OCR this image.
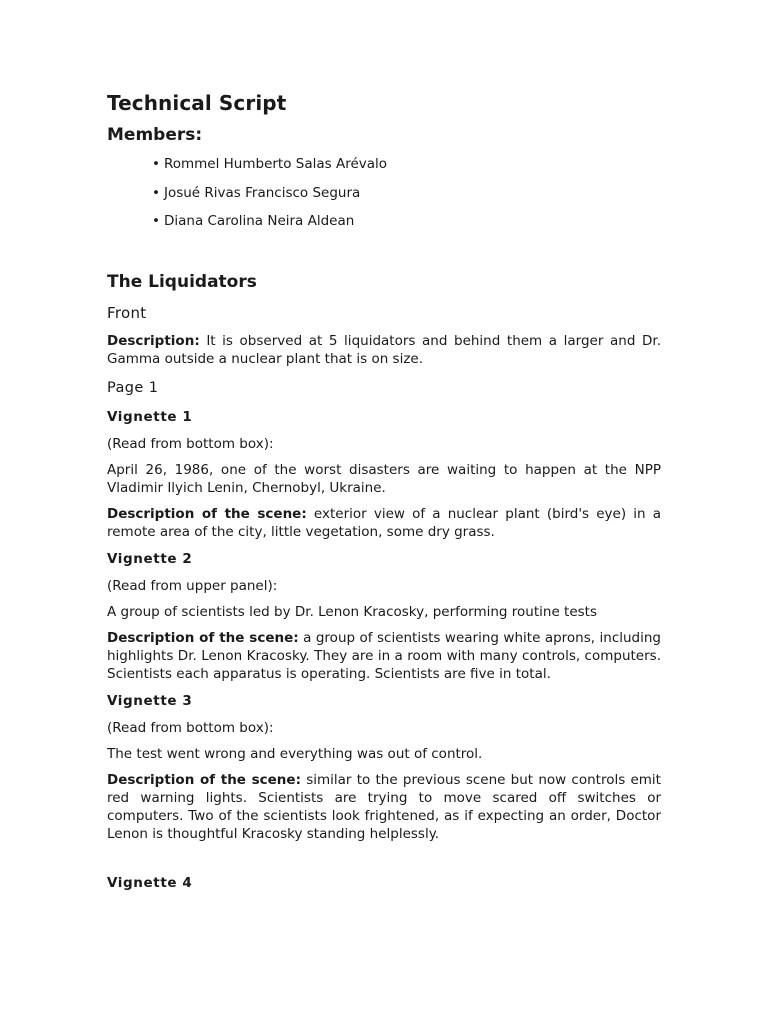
Technical Script
Members:
• Rommel Humberto Salas Arévalo
• Josué Rivas Francisco Segura
• Diana Carolina Neira Aldean
The Liquidators
Front

Description: It is observed at 5 liquidators and behind them a larger and Dr. Gamma outside a nuclear plant that is on size.

Page 1
Vignette 1

(Read from bottom box):

April 26, 1986, one of the worst disasters are waiting to happen at the NPP Vladimir Ilyich Lenin, Chernobyl, Ukraine.

Description of the scene: exterior view of a nuclear plant (bird's eye) in a remote area of the city, little vegetation, some dry grass.

Vignette 2

(Read from upper panel):

A group of scientists led by Dr. Lenon Kracosky, performing routine tests

Description of the scene: a group of scientists wearing white aprons, including highlights Dr. Lenon Kracosky. They are in a room with many controls, computers. Scientists each apparatus is operating. Scientists are five in total.

Vignette 3

(Read from bottom box):

The test went wrong and everything was out of control.

Description of the scene: similar to the previous scene but now controls emit red warning lights. Scientists are trying to move scared off switches or computers. Two of the scientists look frightened, as if expecting an order, Doctor Lenon is thoughtful Kracosky standing helplessly.

Vignette 4
